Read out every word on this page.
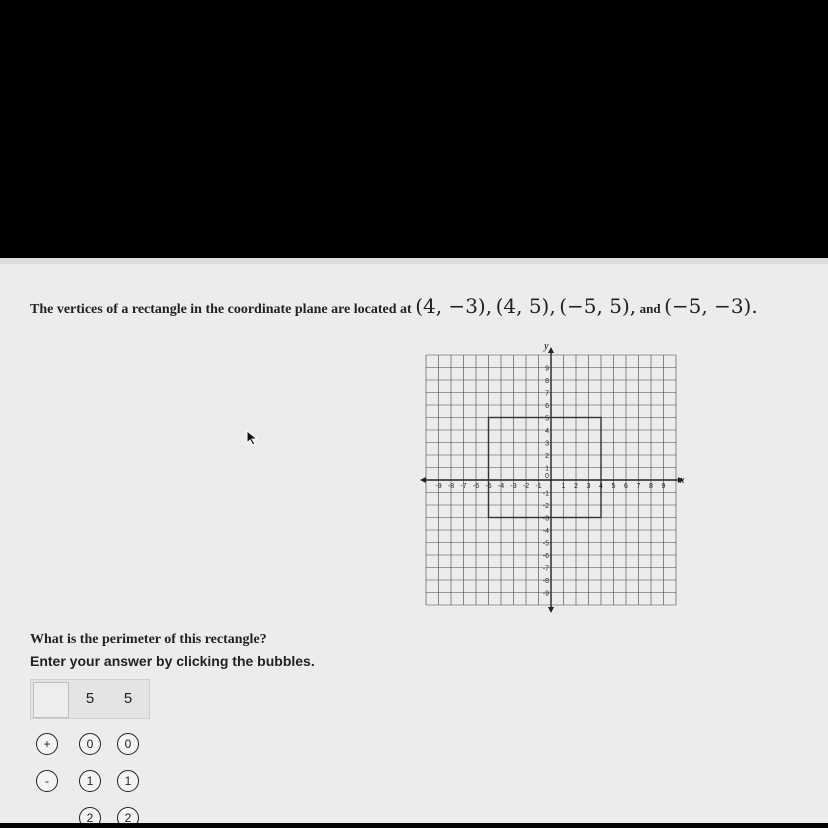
The vertices of a rectangle in the coordinate plane are located at (4, −3), (4, 5), (−5, 5), and (−5, −3).
-9 -8 -7 -6 -5 -4 -3 -2 -1	1 2 3 4 5 6 7 8 9
0
9
8
7
6
5
4
3
2
1
-1
-2
-3
-4
-5
-6
-7
-8
-9
x
y
What is the perimeter of this rectangle?
Enter your answer by clicking the bubbles.
5	5
+
-
0
1
2
0
1
2
